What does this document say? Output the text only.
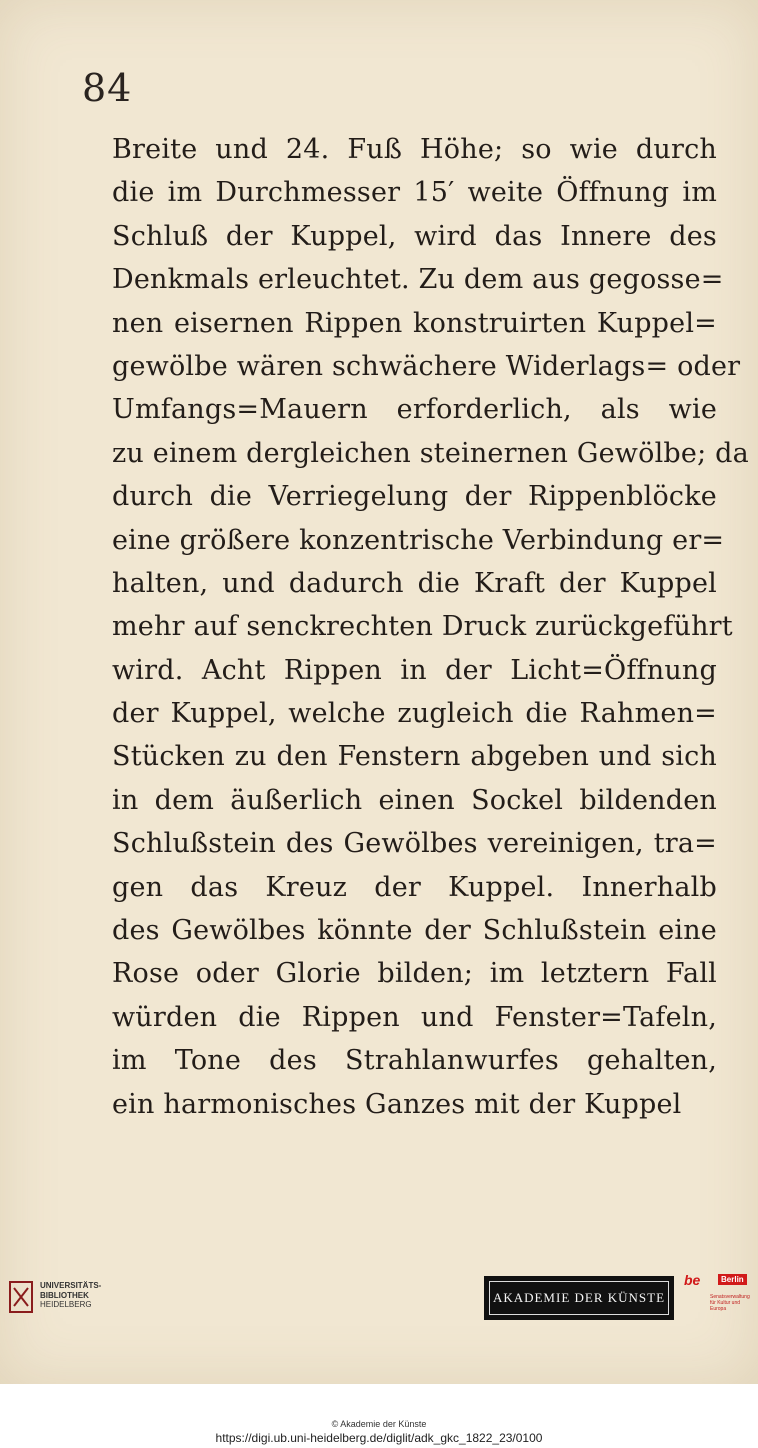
84
Breite und 24. Fuß Höhe; so wie durch
die im Durchmesser 15′ weite Öffnung im
Schluß der Kuppel, wird das Innere des
Denkmals erleuchtet. Zu dem aus gegosse=
nen eisernen Rippen konstruirten Kuppel=
gewölbe wären schwächere Widerlags= oder
Umfangs=Mauern erforderlich, als wie
zu einem dergleichen steinernen Gewölbe; da
durch die Verriegelung der Rippenblöcke
eine größere konzentrische Verbindung er=
halten, und dadurch die Kraft der Kuppel
mehr auf senckrechten Druck zurückgeführt
wird. Acht Rippen in der Licht=Öffnung
der Kuppel, welche zugleich die Rahmen=
Stücken zu den Fenstern abgeben und sich
in dem äußerlich einen Sockel bildenden
Schlußstein des Gewölbes vereinigen, tra=
gen das Kreuz der Kuppel. Innerhalb
des Gewölbes könnte der Schlußstein eine
Rose oder Glorie bilden; im letztern Fall
würden die Rippen und Fenster=Tafeln,
im Tone des Strahlanwurfes gehalten,
ein harmonisches Ganzes mit der Kuppel
UNIVERSITÄTS-
BIBLIOTHEK
HEIDELBERG	AKADEMIE DER KÜNSTE
be	Berlin
Senatsverwaltung für Kultur und Europa
© Akademie der Künste
https://digi.ub.uni-heidelberg.de/diglit/adk_gkc_1822_23/0100
